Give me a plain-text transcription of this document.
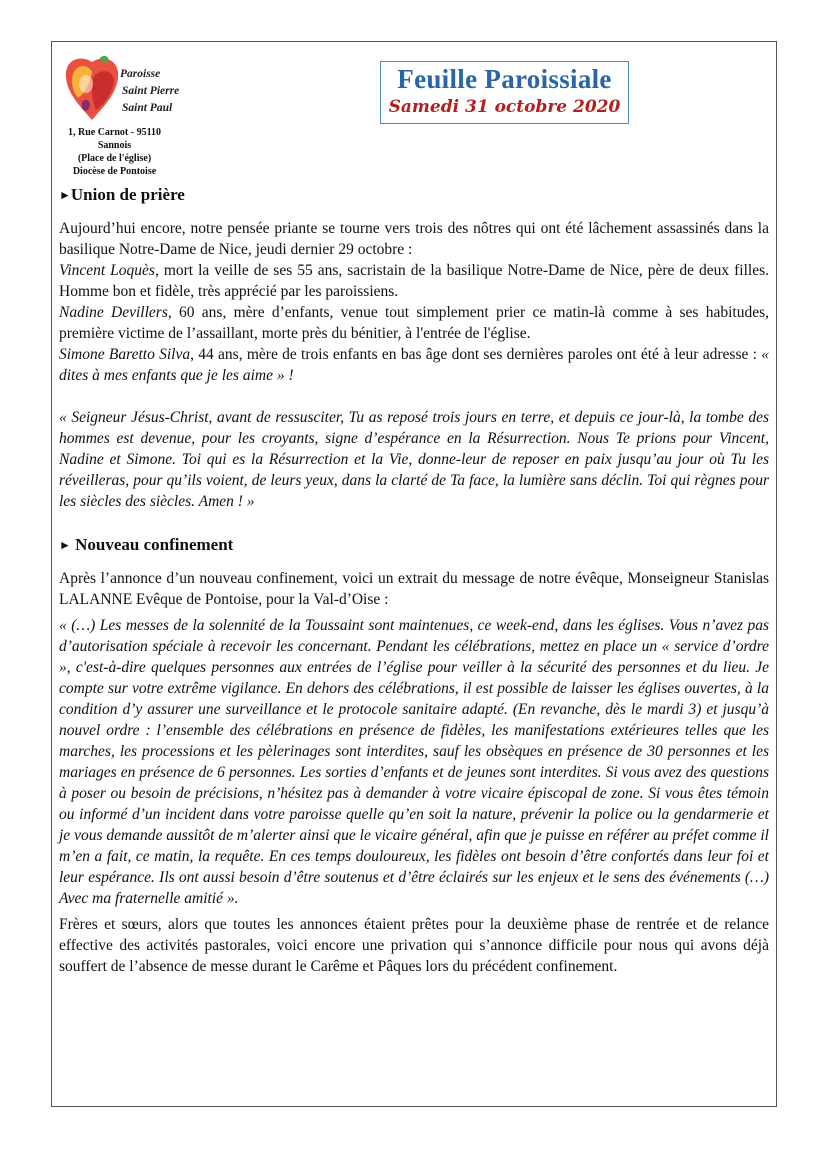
Paroisse
Saint Pierre
Saint Paul
1, Rue Carnot - 95110 Sannois
(Place de l'église)
Diocèse de Pontoise
Feuille Paroissiale
Samedi 31 octobre 2020
►Union de prière

Aujourd’hui encore, notre pensée priante se tourne vers trois des nôtres qui ont été lâchement assassinés dans la basilique Notre-Dame de Nice, jeudi dernier 29 octobre :
Vincent Loquès, mort la veille de ses 55 ans, sacristain de la basilique Notre-Dame de Nice, père de deux filles. Homme bon et fidèle, très apprécié par les paroissiens.
Nadine Devillers, 60 ans, mère d’enfants, venue tout simplement prier ce matin-là comme à ses habitudes, première victime de l’assaillant, morte près du bénitier, à l'entrée de l'église.
Simone Baretto Silva, 44 ans, mère de trois enfants en bas âge dont ses dernières paroles ont été à leur adresse : « dites à mes enfants que je les aime » !

« Seigneur Jésus-Christ, avant de ressusciter, Tu as reposé trois jours en terre, et depuis ce jour-là, la tombe des hommes est devenue, pour les croyants, signe d’espérance en la Résurrection. Nous Te prions pour Vincent, Nadine et Simone. Toi qui es la Résurrection et la Vie, donne-leur de reposer en paix jusqu’au jour où Tu les réveilleras, pour qu’ils voient, de leurs yeux, dans la clarté de Ta face, la lumière sans déclin. Toi qui règnes pour les siècles des siècles. Amen ! »

► Nouveau confinement

Après l’annonce d’un nouveau confinement, voici un extrait du message de notre évêque, Monseigneur Stanislas LALANNE Evêque de Pontoise, pour la Val-d’Oise :

« (…) Les messes de la solennité de la Toussaint sont maintenues, ce week-end, dans les églises. Vous n’avez pas d’autorisation spéciale à recevoir les concernant. Pendant les célébrations, mettez en place un « service d’ordre », c'est-à-dire quelques personnes aux entrées de l’église pour veiller à la sécurité des personnes et du lieu. Je compte sur votre extrême vigilance. En dehors des célébrations, il est possible de laisser les églises ouvertes, à la condition d’y assurer une surveillance et le protocole sanitaire adapté. (En revanche, dès le mardi 3) et jusqu’à nouvel ordre : l’ensemble des célébrations en présence de fidèles, les manifestations extérieures telles que les marches, les processions et les pèlerinages sont interdites, sauf les obsèques en présence de 30 personnes et les mariages en présence de 6 personnes. Les sorties d’enfants et de jeunes sont interdites. Si vous avez des questions à poser ou besoin de précisions, n’hésitez pas à demander à votre vicaire épiscopal de zone. Si vous êtes témoin ou informé d’un incident dans votre paroisse quelle qu’en soit la nature, prévenir la police ou la gendarmerie et je vous demande aussitôt de m’alerter ainsi que le vicaire général, afin que je puisse en référer au préfet comme il m’en a fait, ce matin, la requête. En ces temps douloureux, les fidèles ont besoin d’être confortés dans leur foi et leur espérance. Ils ont aussi besoin d’être soutenus et d’être éclairés sur les enjeux et le sens des événements (…) Avec ma fraternelle amitié ».

Frères et sœurs, alors que toutes les annonces étaient prêtes pour la deuxième phase de rentrée et de relance effective des activités pastorales, voici encore une privation qui s’annonce difficile pour nous qui avons déjà souffert de l’absence de messe durant le Carême et Pâques lors du précédent confinement.
